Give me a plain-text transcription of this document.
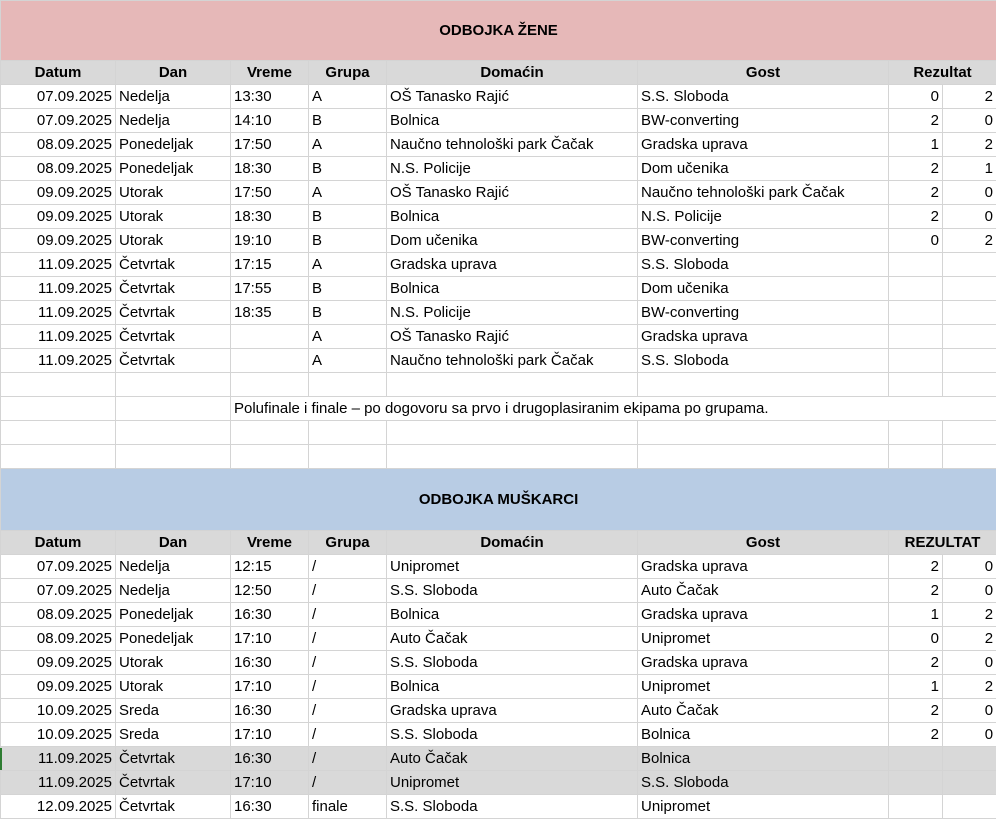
ODBOJKA ŽENE							
Datum	Dan	Vreme	Grupa	Domaćin	Gost	Rezultat	
07.09.2025	Nedelja	13:30	A	OŠ Tanasko Rajić	S.S. Sloboda	0	2
07.09.2025	Nedelja	14:10	B	Bolnica	BW-converting	2	0
08.09.2025	Ponedeljak	17:50	A	Naučno tehnološki park Čačak	Gradska uprava	1	2
08.09.2025	Ponedeljak	18:30	B	N.S. Policije	Dom učenika	2	1
09.09.2025	Utorak	17:50	A	OŠ Tanasko Rajić	Naučno tehnološki park Čačak	2	0
09.09.2025	Utorak	18:30	B	Bolnica	N.S. Policije	2	0
09.09.2025	Utorak	19:10	B	Dom učenika	BW-converting	0	2
11.09.2025	Četvrtak	17:15	A	Gradska uprava	S.S. Sloboda		
11.09.2025	Četvrtak	17:55	B	Bolnica	Dom učenika		
11.09.2025	Četvrtak	18:35	B	N.S. Policije	BW-converting		
11.09.2025	Četvrtak		A	OŠ Tanasko Rajić	Gradska uprava		
11.09.2025	Četvrtak		A	Naučno tehnološki park Čačak	S.S. Sloboda		

		Polufinale i finale – po dogovoru sa prvo i drugoplasiranim ekipama po grupama.					

ODBOJKA MUŠKARCI							
Datum	Dan	Vreme	Grupa	Domaćin	Gost	REZULTAT	
07.09.2025	Nedelja	12:15	/	Unipromet	Gradska uprava	2	0
07.09.2025	Nedelja	12:50	/	S.S. Sloboda	Auto Čačak	2	0
08.09.2025	Ponedeljak	16:30	/	Bolnica	Gradska uprava	1	2
08.09.2025	Ponedeljak	17:10	/	Auto Čačak	Unipromet	0	2
09.09.2025	Utorak	16:30	/	S.S. Sloboda	Gradska uprava	2	0
09.09.2025	Utorak	17:10	/	Bolnica	Unipromet	1	2
10.09.2025	Sreda	16:30	/	Gradska uprava	Auto Čačak	2	0
10.09.2025	Sreda	17:10	/	S.S. Sloboda	Bolnica	2	0
11.09.2025	Četvrtak	16:30	/	Auto Čačak	Bolnica		
11.09.2025	Četvrtak	17:10	/	Unipromet	S.S. Sloboda		
12.09.2025	Četvrtak	16:30	finale	S.S. Sloboda	Unipromet		
